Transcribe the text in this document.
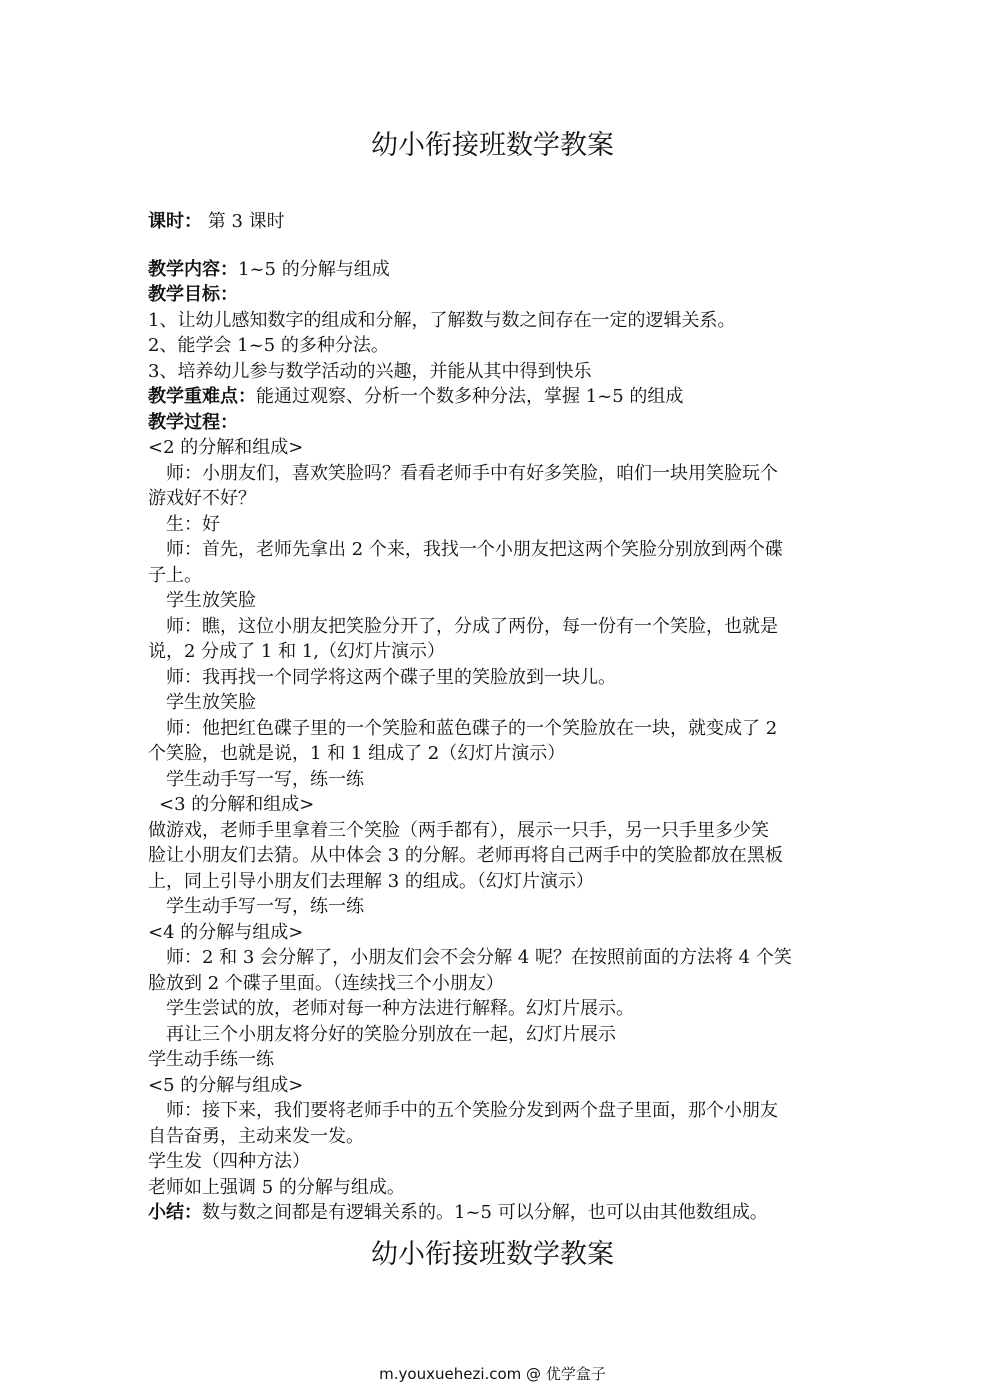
幼小衔接班数学教案
课时： 第 3 课时
教学内容：1~5 的分解与组成
教学目标：
1、让幼儿感知数字的组成和分解，了解数与数之间存在一定的逻辑关系。
2、能学会 1~5 的多种分法。
3、培养幼儿参与数学活动的兴趣，并能从其中得到快乐
教学重难点：能通过观察、分析一个数多种分法，掌握 1~5 的组成
教学过程：
<2 的分解和组成>
师：小朋友们，喜欢笑脸吗？看看老师手中有好多笑脸，咱们一块用笑脸玩个
游戏好不好？
生：好
师：首先，老师先拿出 2 个来，我找一个小朋友把这两个笑脸分别放到两个碟
子上。
学生放笑脸
师：瞧，这位小朋友把笑脸分开了，分成了两份，每一份有一个笑脸，也就是
说，2 分成了 1 和 1,（幻灯片演示）
师：我再找一个同学将这两个碟子里的笑脸放到一块儿。
学生放笑脸
师：他把红色碟子里的一个笑脸和蓝色碟子的一个笑脸放在一块，就变成了 2
个笑脸，也就是说，1 和 1 组成了 2（幻灯片演示）
学生动手写一写，练一练
<3 的分解和组成>
做游戏，老师手里拿着三个笑脸（两手都有），展示一只手，另一只手里多少笑
脸让小朋友们去猜。从中体会 3 的分解。老师再将自己两手中的笑脸都放在黑板
上，同上引导小朋友们去理解 3 的组成。（幻灯片演示）
学生动手写一写，练一练
<4 的分解与组成>
师：2 和 3 会分解了，小朋友们会不会分解 4 呢？在按照前面的方法将 4 个笑
脸放到 2 个碟子里面。（连续找三个小朋友）
学生尝试的放，老师对每一种方法进行解释。幻灯片展示。
再让三个小朋友将分好的笑脸分别放在一起，幻灯片展示
学生动手练一练
<5 的分解与组成>
师：接下来，我们要将老师手中的五个笑脸分发到两个盘子里面，那个小朋友
自告奋勇，主动来发一发。
学生发（四种方法）
老师如上强调 5 的分解与组成。
小结：数与数之间都是有逻辑关系的。1~5 可以分解，也可以由其他数组成。
幼小衔接班数学教案
m.youxuehezi.com @ 优学盒子
